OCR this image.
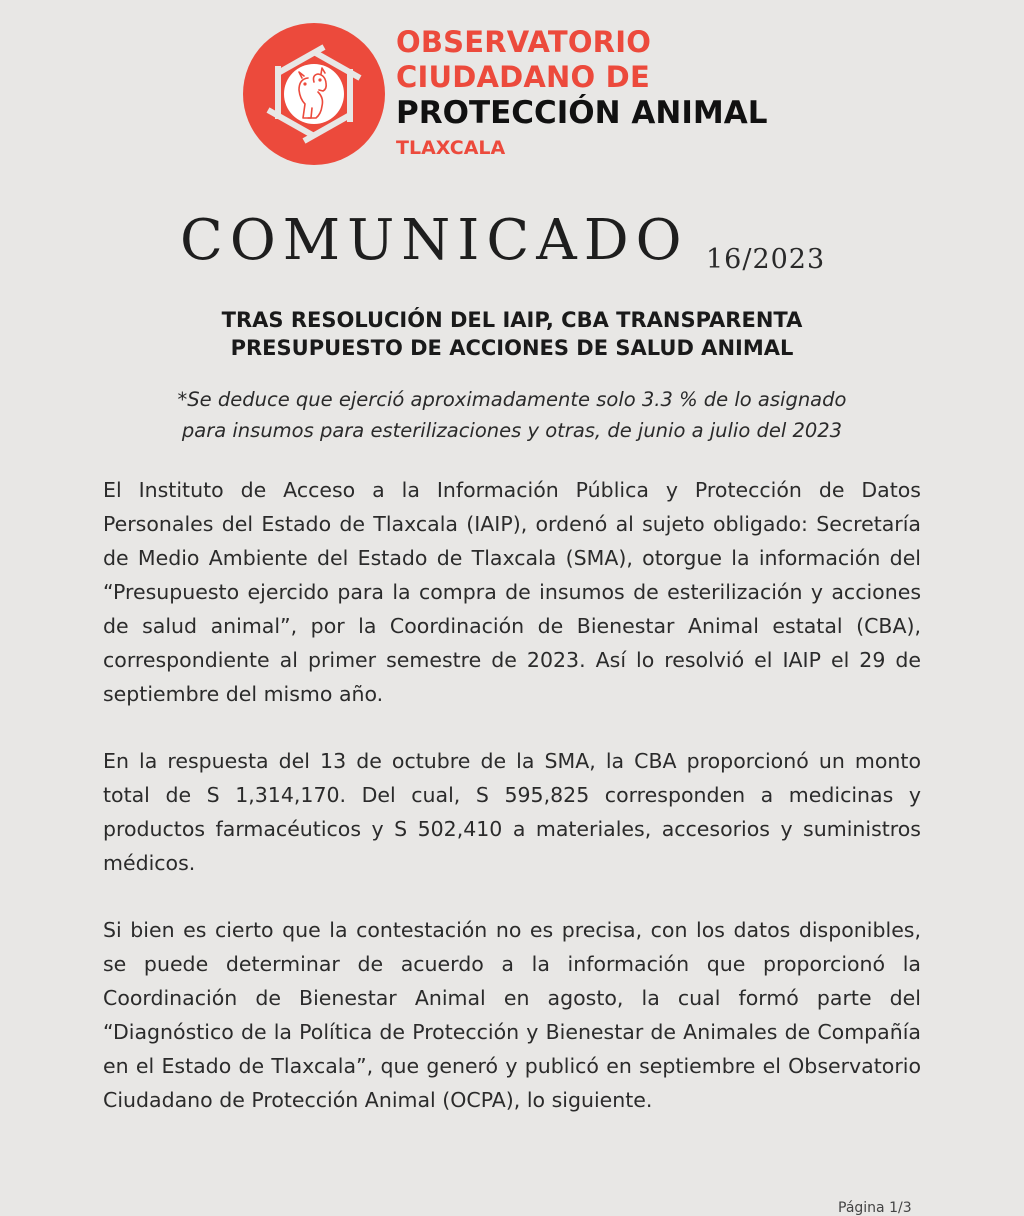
OBSERVATORIO
CIUDADANO DE
PROTECCIÓN ANIMAL
TLAXCALA
COMUNICADO 16/2023
TRAS RESOLUCIÓN DEL IAIP, CBA TRANSPARENTA
PRESUPUESTO DE ACCIONES DE SALUD ANIMAL
*Se deduce que ejerció aproximadamente solo 3.3 % de lo asignado
para insumos para esterilizaciones y otras, de junio a julio del 2023

El Instituto de Acceso a la Información Pública y Protección de Datos Personales del Estado de Tlaxcala (IAIP), ordenó al sujeto obligado: Secretaría de Medio Ambiente del Estado de Tlaxcala (SMA), otorgue la información del “Presupuesto ejercido para la compra de insumos de esterilización y acciones de salud animal”, por la Coordinación de Bienestar Animal estatal (CBA), correspondiente al primer semestre de 2023. Así lo resolvió el IAIP el 29 de septiembre del mismo año.

En la respuesta del 13 de octubre de la SMA, la CBA proporcionó un monto total de S 1,314,170. Del cual, S 595,825 corresponden a medicinas y productos farmacéuticos y S 502,410 a materiales, accesorios y suministros médicos.

Si bien es cierto que la contestación no es precisa, con los datos disponibles, se puede determinar de acuerdo a la información que proporcionó la Coordinación de Bienestar Animal en agosto, la cual formó parte del “Diagnóstico de la Política de Protección y Bienestar de Animales de Compañía en el Estado de Tlaxcala”, que generó y publicó en septiembre el Observatorio Ciudadano de Protección Animal (OCPA), lo siguiente.

Página 1/3
